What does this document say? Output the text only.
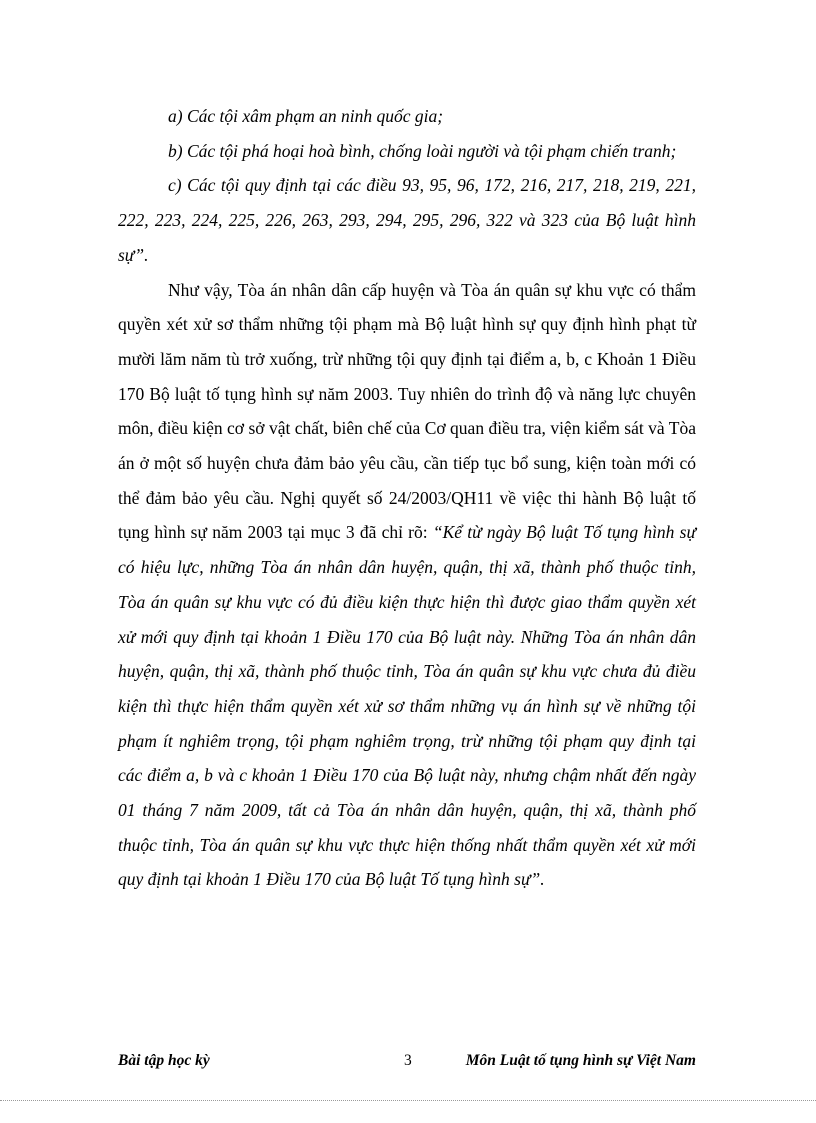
a) Các tội xâm phạm an ninh quốc gia;

b) Các tội phá hoại hoà bình, chống loài người và tội phạm chiến tranh;

c) Các tội quy định tại các điều 93, 95, 96, 172, 216, 217, 218, 219, 221, 222, 223, 224, 225, 226, 263, 293, 294, 295, 296, 322 và 323 của Bộ luật hình sự”.

Như vậy, Tòa án nhân dân cấp huyện và Tòa án quân sự khu vực có thẩm quyền xét xử sơ thẩm những tội phạm mà Bộ luật hình sự quy định hình phạt từ mười lăm năm tù trở xuống, trừ những tội quy định tại điểm a, b, c Khoản 1 Điều 170 Bộ luật tố tụng hình sự năm 2003. Tuy nhiên do trình độ và năng lực chuyên môn, điều kiện cơ sở vật chất, biên chế của Cơ quan điều tra, viện kiểm sát và Tòa án ở một số huyện chưa đảm bảo yêu cầu, cần tiếp tục bổ sung, kiện toàn mới có thể đảm bảo yêu cầu. Nghị quyết số 24/2003/QH11 về việc thi hành Bộ luật tố tụng hình sự năm 2003 tại mục 3 đã chỉ rõ: “Kể từ ngày Bộ luật Tố tụng hình sự có hiệu lực, những Tòa án nhân dân huyện, quận, thị xã, thành phố thuộc tỉnh, Tòa án quân sự khu vực có đủ điều kiện thực hiện thì được giao thẩm quyền xét xử mới quy định tại khoản 1 Điều 170 của Bộ luật này. Những Tòa án nhân dân huyện, quận, thị xã, thành phố thuộc tỉnh, Tòa án quân sự khu vực chưa đủ điều kiện thì thực hiện thẩm quyền xét xử sơ thẩm những vụ án hình sự về những tội phạm ít nghiêm trọng, tội phạm nghiêm trọng, trừ những tội phạm quy định tại các điểm a, b và c khoản 1 Điều 170 của Bộ luật này, nhưng chậm nhất đến ngày 01 tháng 7 năm 2009, tất cả Tòa án nhân dân huyện, quận, thị xã, thành phố thuộc tỉnh, Tòa án quân sự khu vực thực hiện thống nhất thẩm quyền xét xử mới quy định tại khoản 1 Điều 170 của Bộ luật Tố tụng hình sự”.

Bài tập học kỳ	3	Môn Luật tố tụng hình sự Việt Nam
